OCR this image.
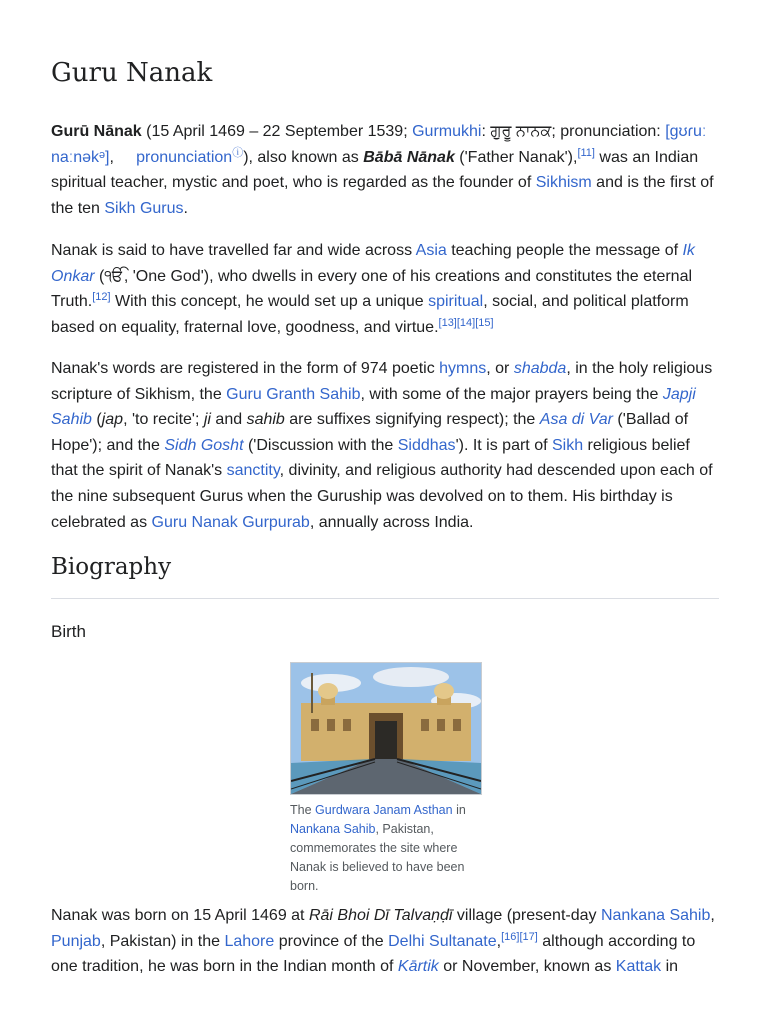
Guru Nanak

Gurū Nānak (15 April 1469 – 22 September 1539; Gurmukhi: ਗੁਰੂ ਨਾਨਕ; pronunciation: [gʊɾuː naːnəkᵊ],     pronunciationⓘ), also known as Bābā Nānak ('Father Nanak'),[11] was an Indian spiritual teacher, mystic and poet, who is regarded as the founder of Sikhism and is the first of the ten Sikh Gurus.

Nanak is said to have travelled far and wide across Asia teaching people the message of Ik Onkar (ੴ, 'One God'), who dwells in every one of his creations and constitutes the eternal Truth.[12] With this concept, he would set up a unique spiritual, social, and political platform based on equality, fraternal love, goodness, and virtue.[13][14][15]

Nanak's words are registered in the form of 974 poetic hymns, or shabda, in the holy religious scripture of Sikhism, the Guru Granth Sahib, with some of the major prayers being the Japji Sahib (jap, 'to recite'; ji and sahib are suffixes signifying respect); the Asa di Var ('Ballad of Hope'); and the Sidh Gosht ('Discussion with the Siddhas'). It is part of Sikh religious belief that the spirit of Nanak's sanctity, divinity, and religious authority had descended upon each of the nine subsequent Gurus when the Guruship was devolved on to them. His birthday is celebrated as Guru Nanak Gurpurab, annually across India.

Biography
Birth
The Gurdwara Janam Asthan in Nankana Sahib, Pakistan, commemorates the site where Nanak is believed to have been born.

Nanak was born on 15 April 1469 at Rāi Bhoi Dī Talvaṇḍī village (present-day Nankana Sahib, Punjab, Pakistan) in the Lahore province of the Delhi Sultanate,[16][17] although according to one tradition, he was born in the Indian month of Kārtik or November, known as Kattak in
